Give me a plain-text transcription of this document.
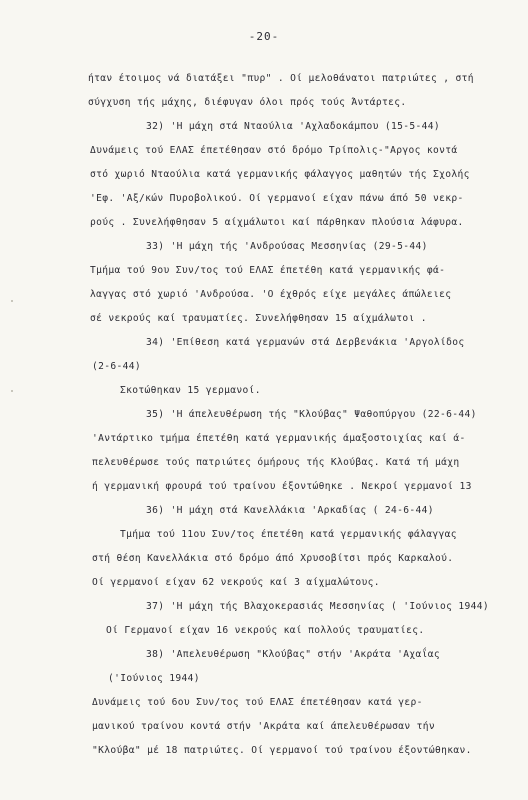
-20-
ήταν έτοιμος νά διατάξει "πυρ" . Οί μελοθάνατοι πατριώτες , στή
σύγχυση τής μάχης, διέφυγαν όλοι πρός τούς Άντάρτες.
32) 'Η μάχη στά Νταούλια 'Αχλαδοκάμπου (15-5-44)
Δυνάμεις τού ΕΛΑΣ έπετέθησαν στό δρόμο Τρίπολις-"Αργος κοντά
στό χωριό Νταούλια κατά γερμανικής φάλαγγος μαθητών τής Σχολής
'Εφ. 'Αξ/κών Πυροβολικού. Οί γερμανοί είχαν πάνω άπό 50 νεκρ-
ρούς . Συνελήφθησαν 5 αίχμάλωτοι καί πάρθηκαν πλούσια λάφυρα.
33) 'Η μάχη τής 'Ανδρούσας Μεσσηνίας (29-5-44)
Τμήμα τού 9ου Συν/τος τού ΕΛΑΣ έπετέθη κατά γερμανικής φά-
λαγγας στό χωριό 'Ανδρούσα. 'Ο έχθρός είχε μεγάλες άπώλειες
σέ νεκρούς καί τραυματίες. Συνελήφθησαν 15 αίχμάλωτοι .
34) 'Επίθεση κατά γερμανών στά Δερβενάκια 'Αργολίδος
(2-6-44)
Σκοτώθηκαν 15 γερμανοί.
35) 'Η άπελευθέρωση τής "Κλούβας" Ψαθοπύργου (22-6-44)
'Αντάρτικο τμήμα έπετέθη κατά γερμανικής άμαξοστοιχίας καί ά-
πελευθέρωσε τούς πατριώτες όμήρους τής Κλούβας. Κατά τή μάχη
ή γερμανική φρουρά τού τραίνου έξοντώθηκε . Νεκροί γερμανοί 13
36) 'Η μάχη στά Κανελλάκια 'Αρκαδίας ( 24-6-44)
Τμήμα τού 11ου Συν/τος έπετέθη κατά γερμανικής φάλαγγας
στή θέση Κανελλάκια στό δρόμο άπό Χρυσοβίτσι πρός Καρκαλού.
Οί γερμανοί είχαν 62 νεκρούς καί 3 αίχμαλώτους.
37) 'Η μάχη τής Βλαχοκερασιάς Μεσσηνίας ( 'Ιούνιος 1944)
Οί Γερμανοί είχαν 16 νεκρούς καί πολλούς τραυματίες.
38) 'Απελευθέρωση "Κλούβας" στήν 'Ακράτα 'Αχαΐας
('Ιούνιος 1944)
Δυνάμεις τού 6ου Συν/τος τού ΕΛΑΣ έπετέθησαν κατά γερ-
μανικού τραίνου κοντά στήν 'Ακράτα καί άπελευθέρωσαν τήν
"Κλούβα" μέ 18 πατριώτες. Οί γερμανοί τού τραίνου έξοντώθηκαν.
